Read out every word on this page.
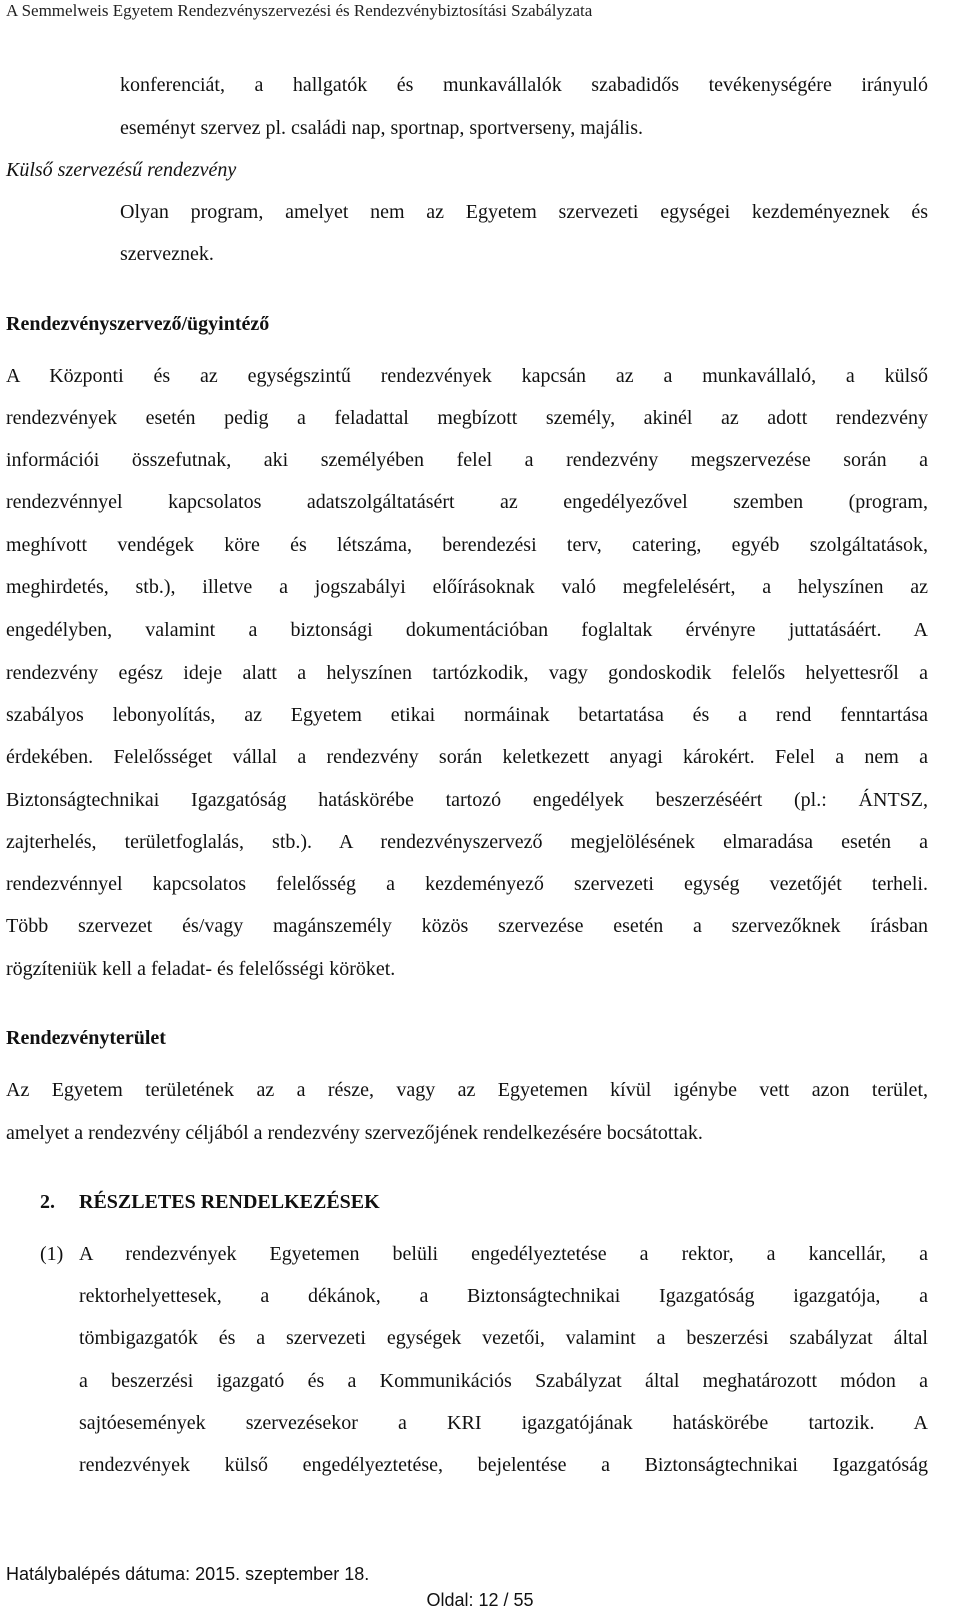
A Semmelweis Egyetem Rendezvényszervezési és Rendezvénybiztosítási Szabályzata
konferenciát, a hallgatók és munkavállalók szabadidős tevékenységére irányuló
eseményt szervez pl. családi nap, sportnap, sportverseny, majális.
Külső szervezésű rendezvény
Olyan program, amelyet nem az Egyetem szervezeti egységei kezdeményeznek és
szerveznek.
Rendezvényszervező/ügyintéző
A Központi és az egységszintű rendezvények kapcsán az a munkavállaló, a külső
rendezvények esetén pedig a feladattal megbízott személy, akinél az adott rendezvény
információi összefutnak, aki személyében felel a rendezvény megszervezése során a
rendezvénnyel kapcsolatos adatszolgáltatásért az engedélyezővel szemben (program,
meghívott vendégek köre és létszáma, berendezési terv, catering, egyéb szolgáltatások,
meghirdetés, stb.), illetve a jogszabályi előírásoknak való megfelelésért, a helyszínen az
engedélyben, valamint a biztonsági dokumentációban foglaltak érvényre juttatásáért. A
rendezvény egész ideje alatt a helyszínen tartózkodik, vagy gondoskodik felelős helyettesről a
szabályos lebonyolítás, az Egyetem etikai normáinak betartatása és a rend fenntartása
érdekében. Felelősséget vállal a rendezvény során keletkezett anyagi károkért. Felel a nem a
Biztonságtechnikai Igazgatóság hatáskörébe tartozó engedélyek beszerzéséért (pl.: ÁNTSZ,
zajterhelés, területfoglalás, stb.). A rendezvényszervező megjelölésének elmaradása esetén a
rendezvénnyel kapcsolatos felelősség a kezdeményező szervezeti egység vezetőjét terheli.
Több szervezet és/vagy magánszemély közös szervezése esetén a szervezőknek írásban
rögzíteniük kell a feladat- és felelősségi köröket.
Rendezvényterület
Az Egyetem területének az a része, vagy az Egyetemen kívül igénybe vett azon terület,
amelyet a rendezvény céljából a rendezvény szervezőjének rendelkezésére bocsátottak.
2. RÉSZLETES RENDELKEZÉSEK
(1) A rendezvények Egyetemen belüli engedélyeztetése a rektor, a kancellár, a
rektorhelyettesek, a dékánok, a Biztonságtechnikai Igazgatóság igazgatója, a
tömbigazgatók és a szervezeti egységek vezetői, valamint a beszerzési szabályzat által
a beszerzési igazgató és a Kommunikációs Szabályzat által meghatározott módon a
sajtóesemények szervezésekor a KRI igazgatójának hatáskörébe tartozik. A
rendezvények külső engedélyeztetése, bejelentése a Biztonságtechnikai Igazgatóság
Hatálybalépés dátuma: 2015. szeptember 18.
Oldal: 12 / 55
